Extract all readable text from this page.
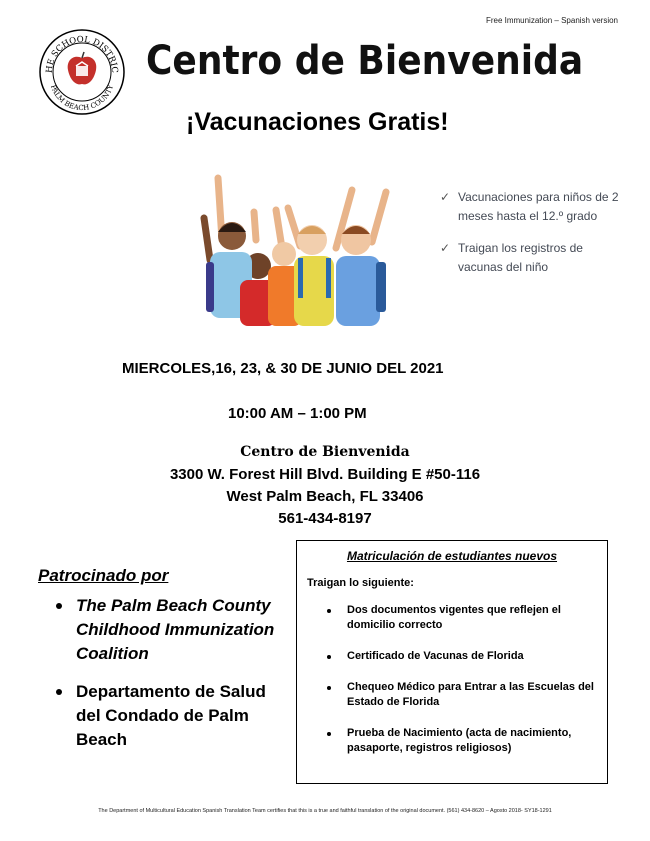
Free Immunization – Spanish version
HE SCHOOL DISTRIC
PALM BEACH COUNTY
Centro de Bienvenida
¡Vacunaciones Gratis!
✓ Vacunaciones para niños de 2 meses hasta el 12.º grado
✓ Traigan los registros de vacunas del niño
MIERCOLES,16, 23, & 30 DE JUNIO DEL 2021
10:00 AM – 1:00 PM
Centro de Bienvenida
3300 W. Forest Hill Blvd. Building E #50-116
West Palm Beach, FL 33406
561-434-8197
Patrocinado por
The Palm Beach County Childhood Immunization Coalition
Departamento de Salud del Condado de Palm Beach
Matriculación de estudiantes nuevos
Traigan lo siguiente:
Dos documentos vigentes que reflejen el domicilio correcto
Certificado de Vacunas de Florida
Chequeo Médico para Entrar a las Escuelas del Estado de Florida
Prueba de Nacimiento (acta de nacimiento, pasaporte, registros religiosos)
The Department of Multicultural Education Spanish Translation Team certifies that this is a true and faithful translation of the original document. (561) 434-8620 – Agosto 2018- SY18-1291
